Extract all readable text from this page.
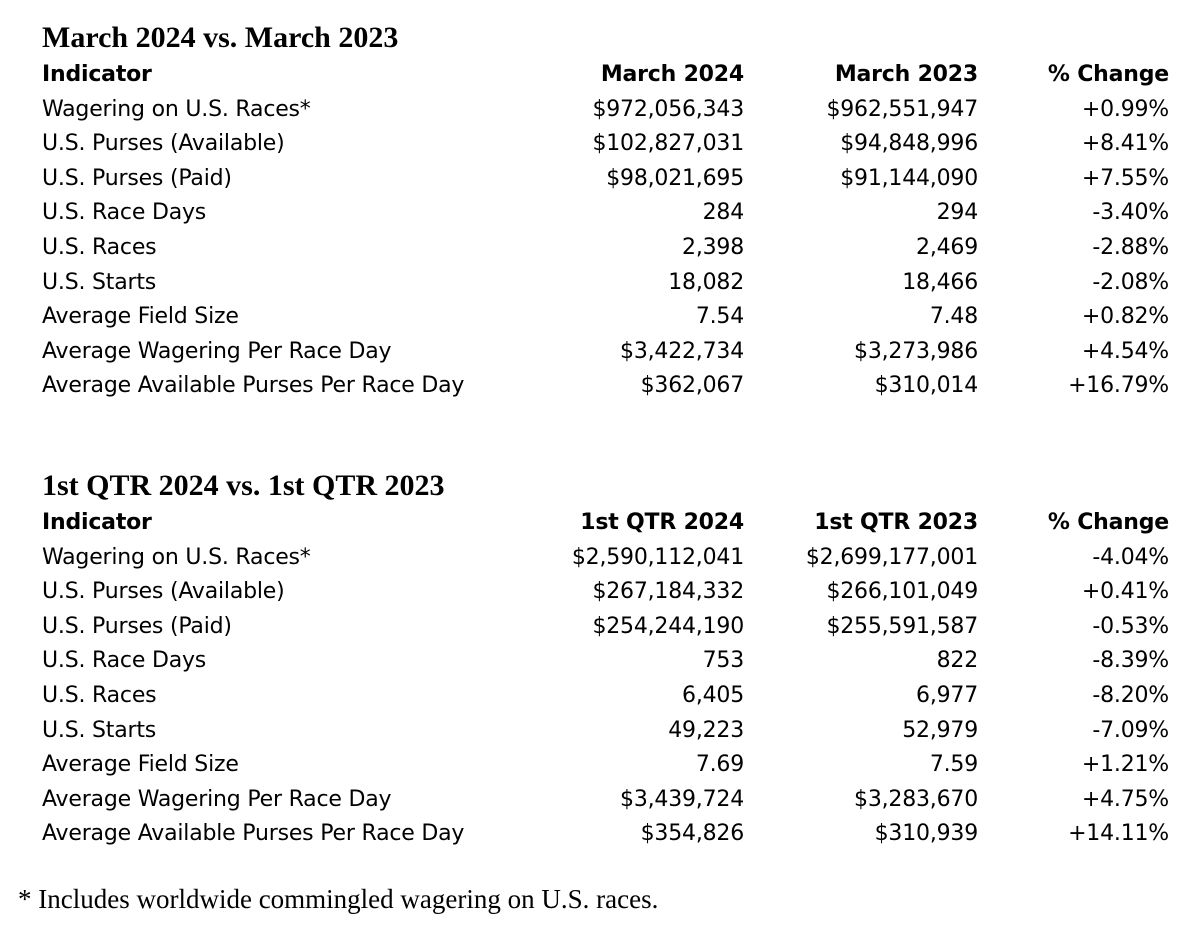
March 2024 vs. March 2023
Indicator	March 2024	March 2023	% Change
Wagering on U.S. Races*	$972,056,343	$962,551,947	+0.99%
U.S. Purses (Available)	$102,827,031	$94,848,996	+8.41%
U.S. Purses (Paid)	$98,021,695	$91,144,090	+7.55%
U.S. Race Days	284	294	-3.40%
U.S. Races	2,398	2,469	-2.88%
U.S. Starts	18,082	18,466	-2.08%
Average Field Size	7.54	7.48	+0.82%
Average Wagering Per Race Day	$3,422,734	$3,273,986	+4.54%
Average Available Purses Per Race Day	$362,067	$310,014	+16.79%
1st QTR 2024 vs. 1st QTR 2023
Indicator	1st QTR 2024	1st QTR 2023	% Change
Wagering on U.S. Races*	$2,590,112,041	$2,699,177,001	-4.04%
U.S. Purses (Available)	$267,184,332	$266,101,049	+0.41%
U.S. Purses (Paid)	$254,244,190	$255,591,587	-0.53%
U.S. Race Days	753	822	-8.39%
U.S. Races	6,405	6,977	-8.20%
U.S. Starts	49,223	52,979	-7.09%
Average Field Size	7.69	7.59	+1.21%
Average Wagering Per Race Day	$3,439,724	$3,283,670	+4.75%
Average Available Purses Per Race Day	$354,826	$310,939	+14.11%

* Includes worldwide commingled wagering on U.S. races.
